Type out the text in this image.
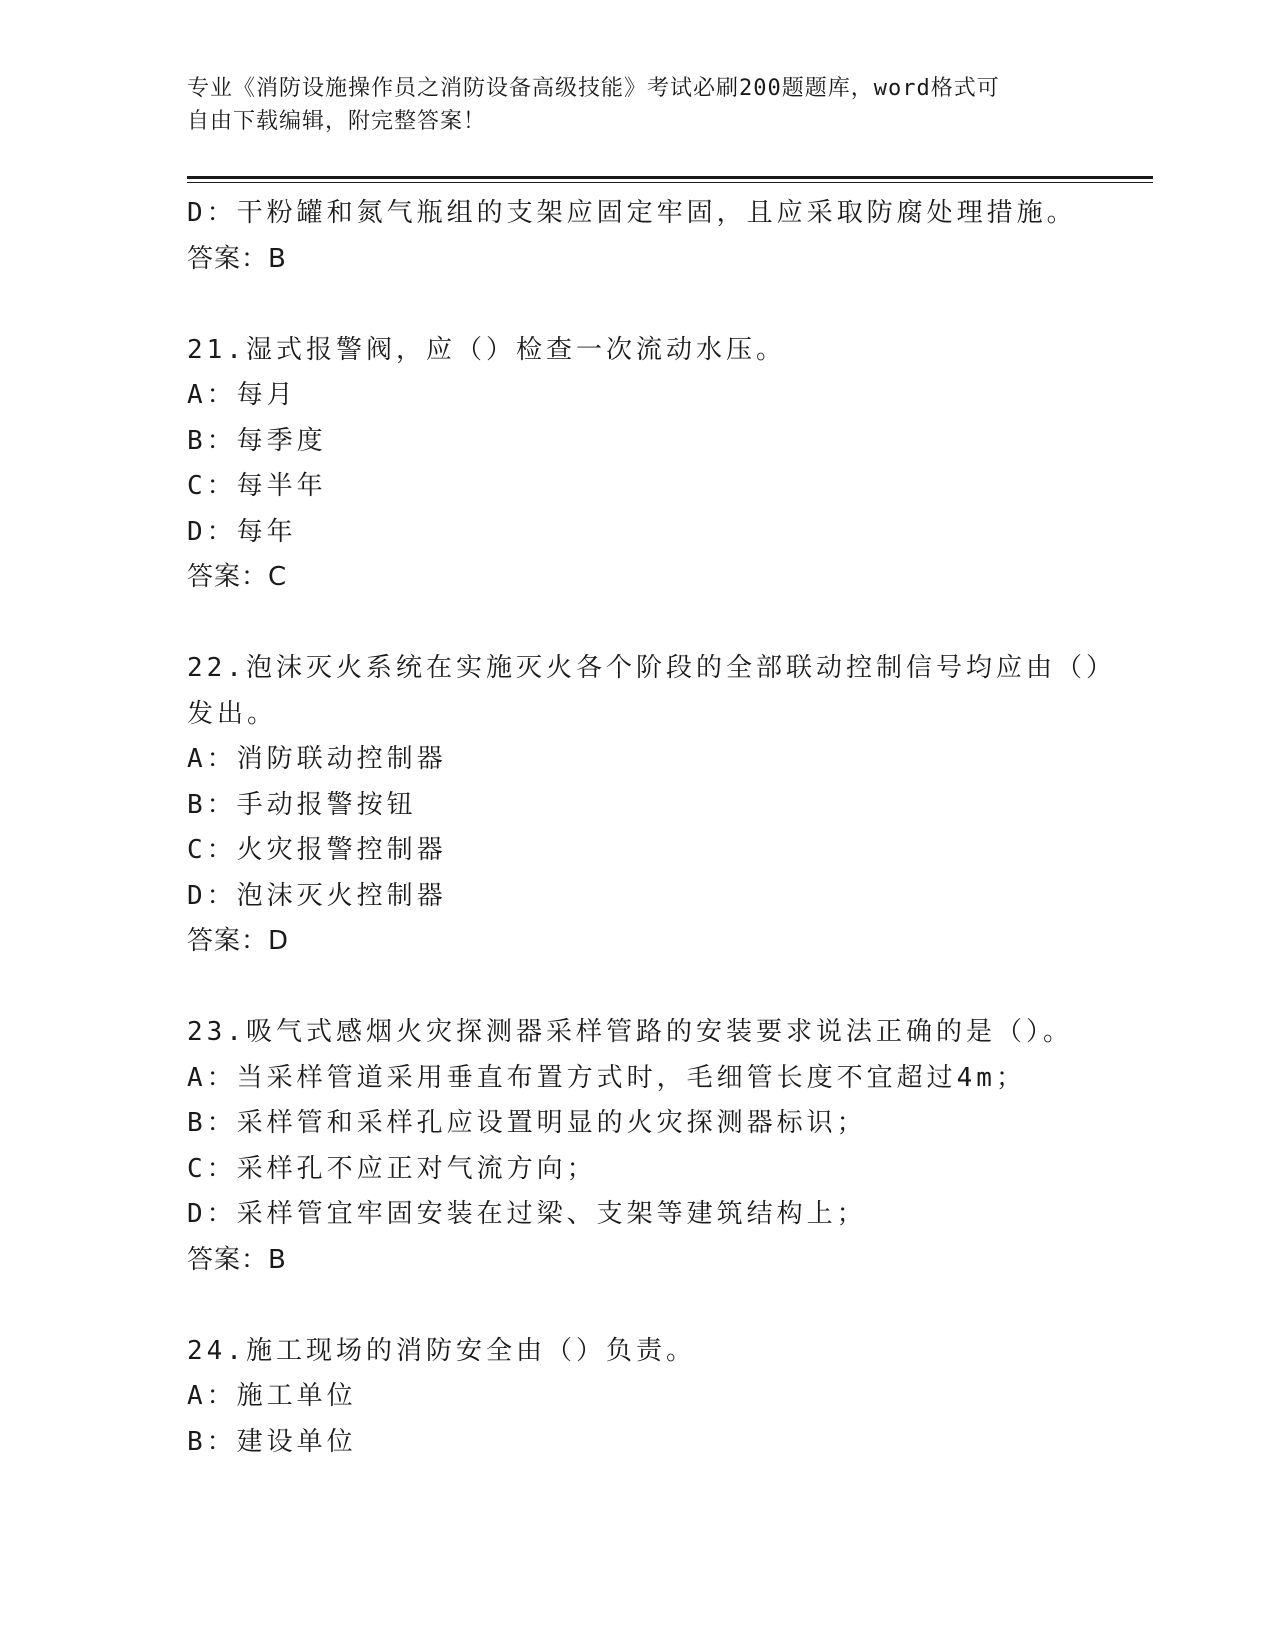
专业《消防设施操作员之消防设备高级技能》考试必刷200题题库，word格式可
自由下载编辑，附完整答案！
D：干粉罐和氮气瓶组的支架应固定牢固，且应采取防腐处理措施。
答案：B
21.湿式报警阀，应（）检查一次流动水压。
A：每月
B：每季度
C：每半年
D：每年
答案：C
22.泡沫灭火系统在实施灭火各个阶段的全部联动控制信号均应由（）
发出。
A：消防联动控制器
B：手动报警按钮
C：火灾报警控制器
D：泡沫灭火控制器
答案：D
23.吸气式感烟火灾探测器采样管路的安装要求说法正确的是（）。
A：当采样管道采用垂直布置方式时，毛细管长度不宜超过4m；
B：采样管和采样孔应设置明显的火灾探测器标识；
C：采样孔不应正对气流方向；
D：采样管宜牢固安装在过梁、支架等建筑结构上；
答案：B
24.施工现场的消防安全由（）负责。
A：施工单位
B：建设单位
